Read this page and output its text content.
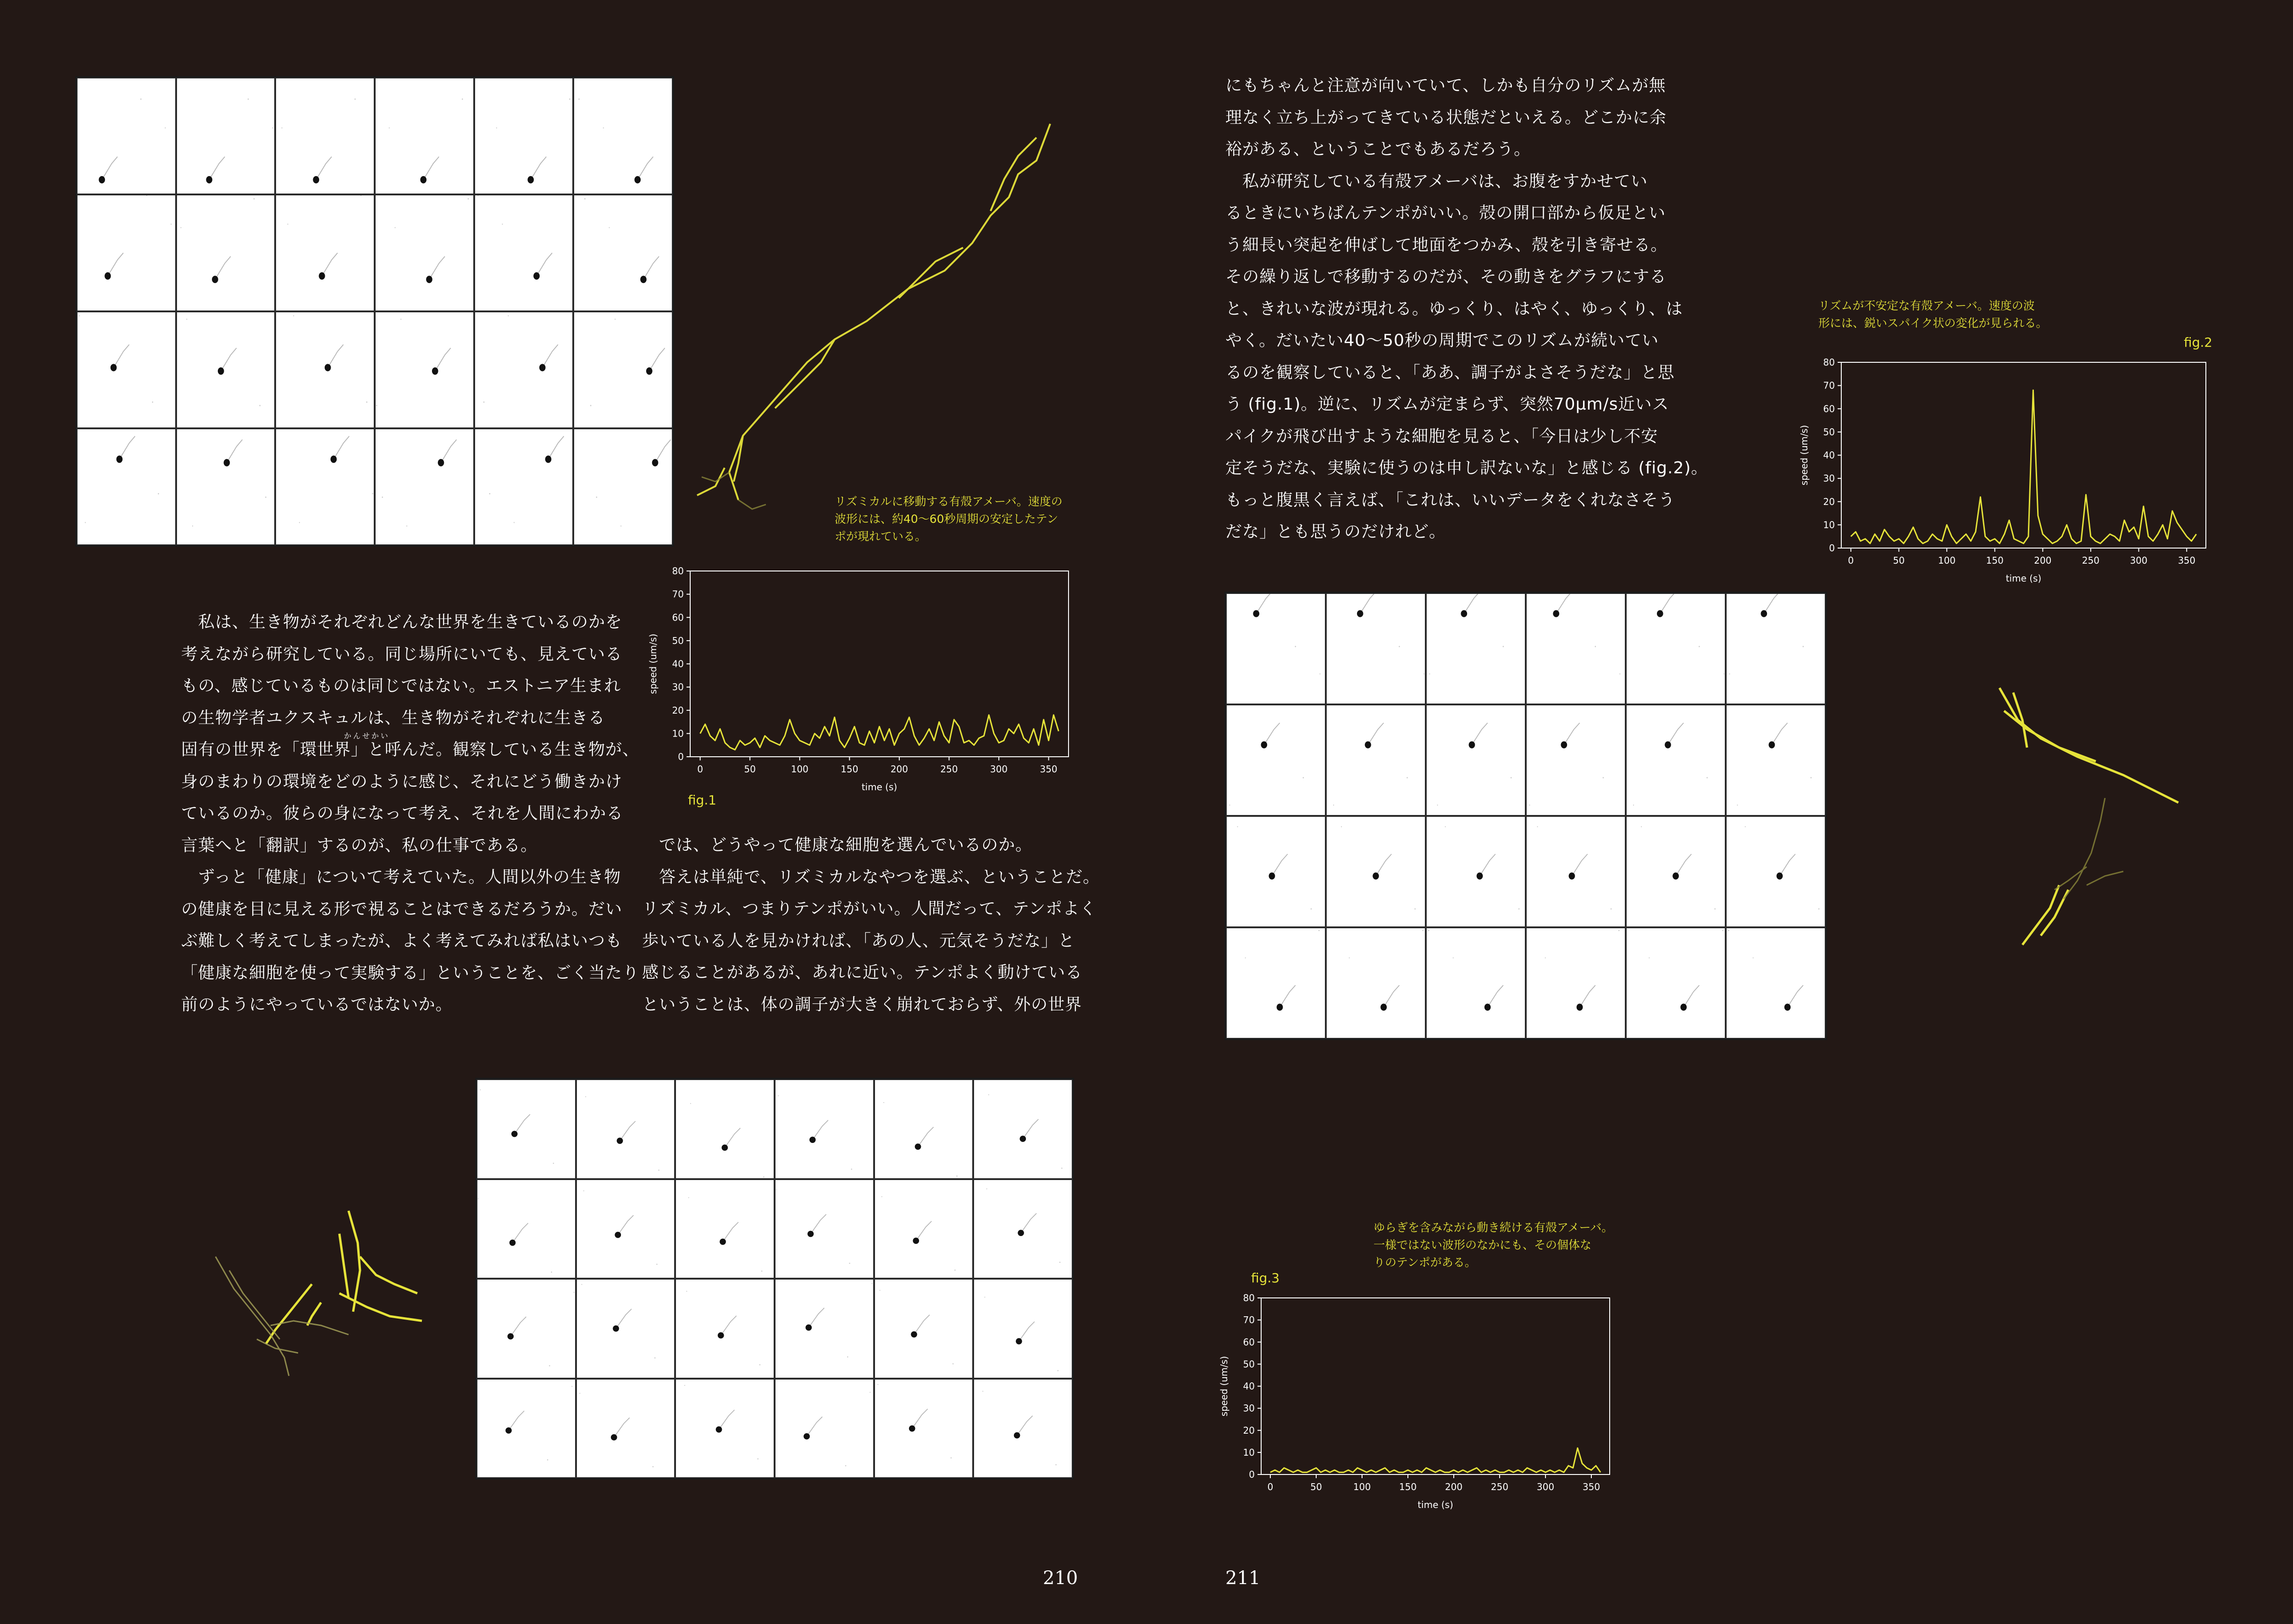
リズミカルに移動する有殻アメーバ。速度の
波形には、約40〜60秒周期の安定したテン
ポが現れている。
0	50	100	150	200	250	300	350
0
10
20
30
40
50
60
70
80
time (s)
speed (um/s)
fig.1
　私は、生き物がそれぞれどんな世界を生きているのかを
考えながら研究している。同じ場所にいても、見えている
もの、感じているものは同じではない。エストニア生まれ
の生物学者ユクスキュルは、生き物がそれぞれに生きる
固有の世界を「環世界」と呼んだ。観察している生き物が、
身のまわりの環境をどのように感じ、それにどう働きかけ
ているのか。彼らの身になって考え、それを人間にわかる
言葉へと「翻訳」するのが、私の仕事である。
　ずっと「健康」について考えていた。人間以外の生き物
の健康を目に見える形で視ることはできるだろうか。だい
ぶ難しく考えてしまったが、よく考えてみれば私はいつも
「健康な細胞を使って実験する」ということを、ごく当たり
前のようにやっているではないか。
かんせかい
　では、どうやって健康な細胞を選んでいるのか。
　答えは単純で、リズミカルなやつを選ぶ、ということだ。
リズミカル、つまりテンポがいい。人間だって、テンポよく
歩いている人を見かければ、「あの人、元気そうだな」と
感じることがあるが、あれに近い。テンポよく動けている
ということは、体の調子が大きく崩れておらず、外の世界
210
にもちゃんと注意が向いていて、しかも自分のリズムが無
理なく立ち上がってきている状態だといえる。どこかに余
裕がある、ということでもあるだろう。
　私が研究している有殻アメーバは、お腹をすかせてい
るときにいちばんテンポがいい。殻の開口部から仮足とい
う細長い突起を伸ばして地面をつかみ、殻を引き寄せる。
その繰り返しで移動するのだが、その動きをグラフにする
と、きれいな波が現れる。ゆっくり、はやく、ゆっくり、は
やく。だいたい40〜50秒の周期でこのリズムが続いてい
るのを観察していると、「ああ、調子がよさそうだな」と思
う (fig.1)。逆に、リズムが定まらず、突然70μm/s近いス
パイクが飛び出すような細胞を見ると、「今日は少し不安
定そうだな、実験に使うのは申し訳ないな」と感じる (fig.2)。
もっと腹黒く言えば、「これは、いいデータをくれなさそう
だな」とも思うのだけれど。
リズムが不安定な有殻アメーバ。速度の波
形には、鋭いスパイク状の変化が見られる。
fig.2
0	50	100	150	200	250	300	350
0
10
20
30
40
50
60
70
80
time (s)
speed (um/s)
ゆらぎを含みながら動き続ける有殻アメーバ。
一様ではない波形のなかにも、その個体な
りのテンポがある。
fig.3
0	50	100	150	200	250	300	350
0
10
20
30
40
50
60
70
80
time (s)
speed (um/s)
211
